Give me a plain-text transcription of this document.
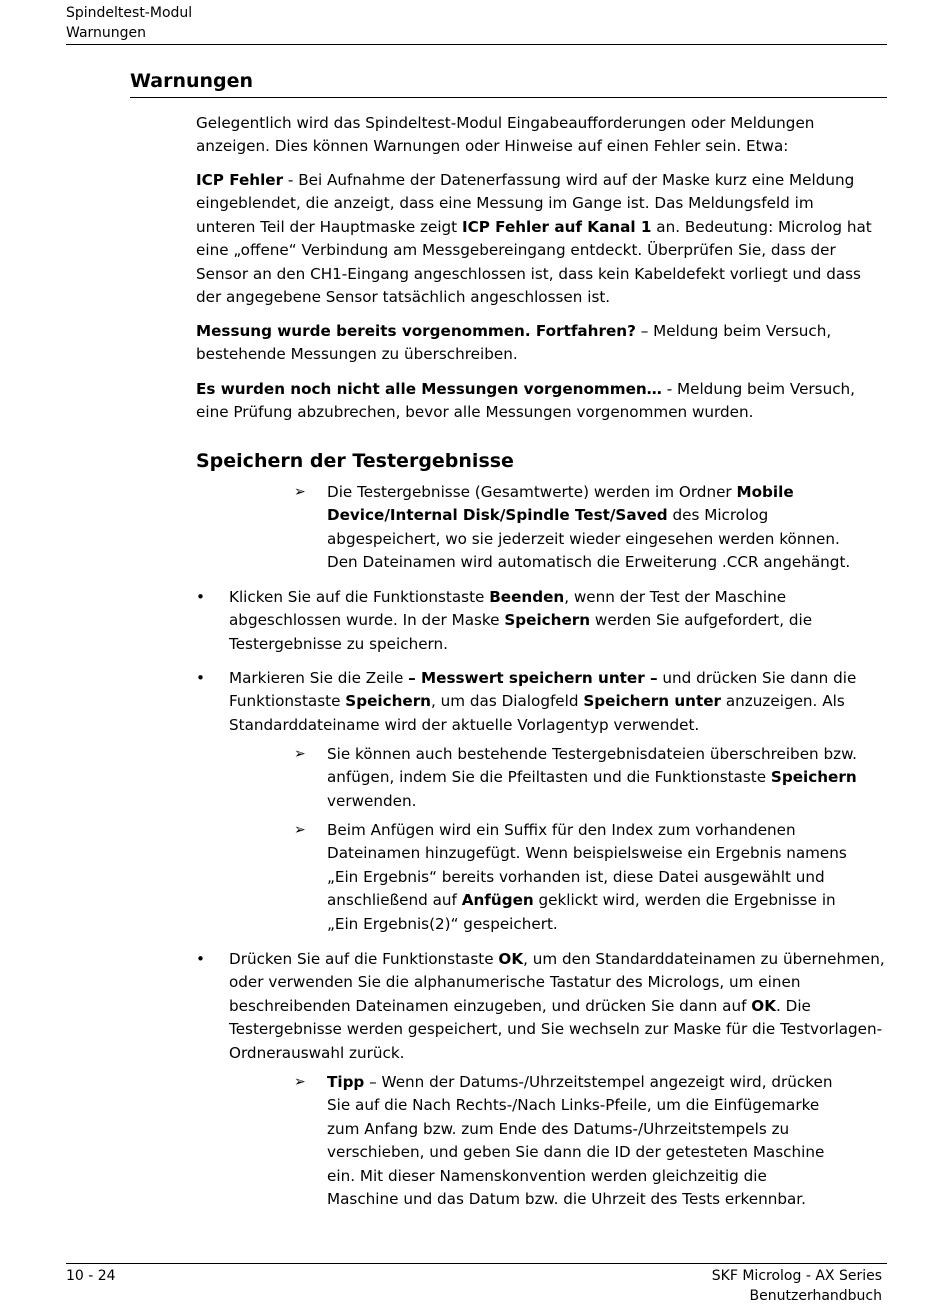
Spindeltest-Modul
Warnungen
Warnungen
Gelegentlich wird das Spindeltest-Modul Eingabeaufforderungen oder Meldungen anzeigen. Dies können Warnungen oder Hinweise auf einen Fehler sein. Etwa:
ICP Fehler - Bei Aufnahme der Datenerfassung wird auf der Maske kurz eine Meldung eingeblendet, die anzeigt, dass eine Messung im Gange ist. Das Meldungsfeld im unteren Teil der Hauptmaske zeigt ICP Fehler auf Kanal 1 an. Bedeutung: Microlog hat eine „offene“ Verbindung am Messgebereingang entdeckt. Überprüfen Sie, dass der Sensor an den CH1-Eingang angeschlossen ist, dass kein Kabeldefekt vorliegt und dass der angegebene Sensor tatsächlich angeschlossen ist.
Messung wurde bereits vorgenommen. Fortfahren? – Meldung beim Versuch, bestehende Messungen zu überschreiben.
Es wurden noch nicht alle Messungen vorgenommen… - Meldung beim Versuch, eine Prüfung abzubrechen, bevor alle Messungen vorgenommen wurden.
Speichern der Testergebnisse
➢ Die Testergebnisse (Gesamtwerte) werden im Ordner Mobile Device/Internal Disk/Spindle Test/Saved des Microlog abgespeichert, wo sie jederzeit wieder eingesehen werden können. Den Dateinamen wird automatisch die Erweiterung .CCR angehängt.
• Klicken Sie auf die Funktionstaste Beenden, wenn der Test der Maschine abgeschlossen wurde. In der Maske Speichern werden Sie aufgefordert, die Testergebnisse zu speichern.
• Markieren Sie die Zeile – Messwert speichern unter – und drücken Sie dann die Funktionstaste Speichern, um das Dialogfeld Speichern unter anzuzeigen. Als Standarddateiname wird der aktuelle Vorlagentyp verwendet.
➢ Sie können auch bestehende Testergebnisdateien überschreiben bzw. anfügen, indem Sie die Pfeiltasten und die Funktionstaste Speichern verwenden.
➢ Beim Anfügen wird ein Suffix für den Index zum vorhandenen Dateinamen hinzugefügt. Wenn beispielsweise ein Ergebnis namens „Ein Ergebnis“ bereits vorhanden ist, diese Datei ausgewählt und anschließend auf Anfügen geklickt wird, werden die Ergebnisse in „Ein Ergebnis(2)“ gespeichert.
• Drücken Sie auf die Funktionstaste OK, um den Standarddateinamen zu übernehmen, oder verwenden Sie die alphanumerische Tastatur des Micrologs, um einen beschreibenden Dateinamen einzugeben, und drücken Sie dann auf OK. Die Testergebnisse werden gespeichert, und Sie wechseln zur Maske für die Testvorlagen-Ordnerauswahl zurück.
➢ Tipp – Wenn der Datums-/Uhrzeitstempel angezeigt wird, drücken Sie auf die Nach Rechts-/Nach Links-Pfeile, um die Einfügemarke zum Anfang bzw. zum Ende des Datums-/Uhrzeitstempels zu verschieben, und geben Sie dann die ID der getesteten Maschine ein. Mit dieser Namenskonvention werden gleichzeitig die Maschine und das Datum bzw. die Uhrzeit des Tests erkennbar.
10 - 24	SKF Microlog - AX Series
Benutzerhandbuch
